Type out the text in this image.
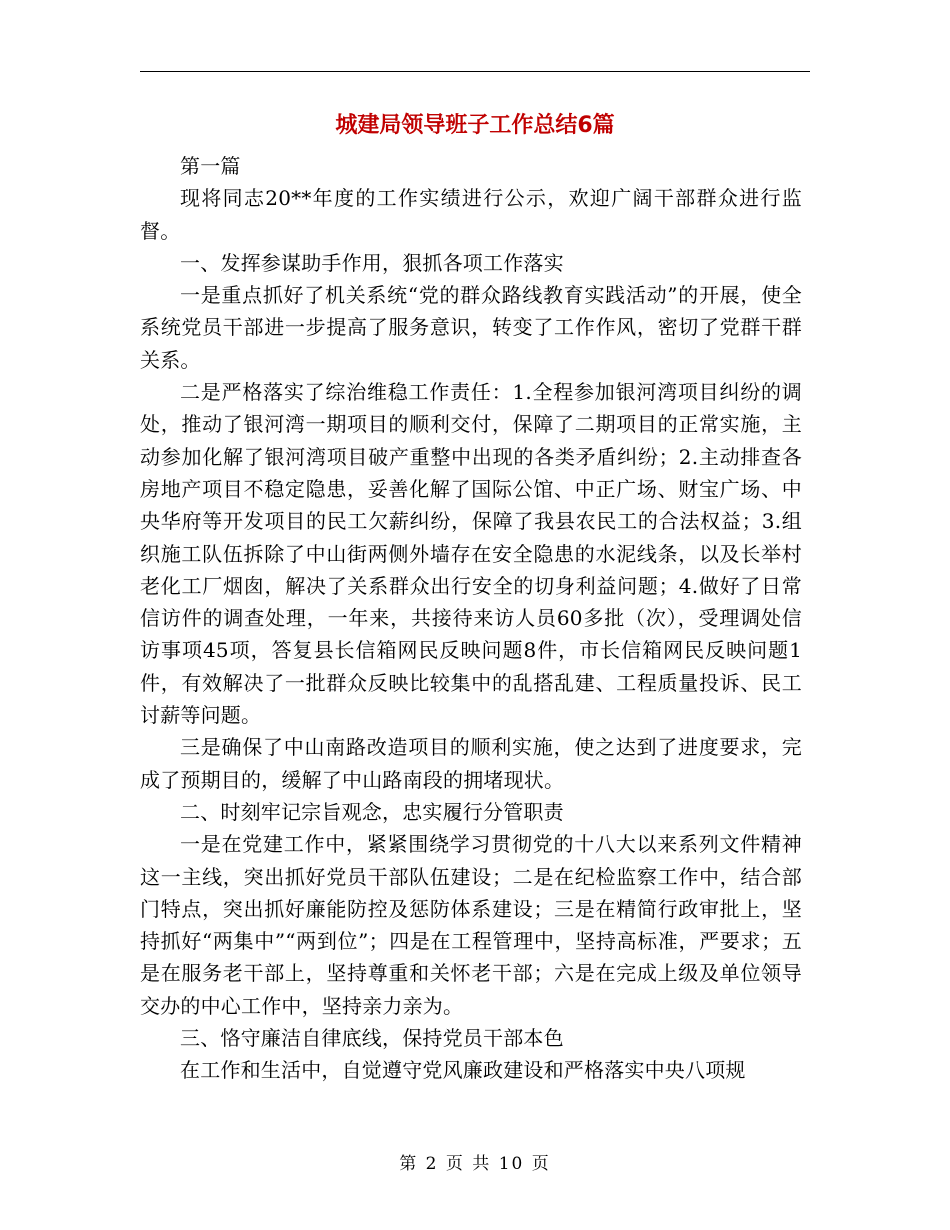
城建局领导班子工作总结6篇

第一篇

现将同志20**年度的工作实绩进行公示，欢迎广阔干部群众进行监督。

一、发挥参谋助手作用，狠抓各项工作落实

一是重点抓好了机关系统“党的群众路线教育实践活动”的开展，使全系统党员干部进一步提高了服务意识，转变了工作作风，密切了党群干群关系。

二是严格落实了综治维稳工作责任：1.全程参加银河湾项目纠纷的调处，推动了银河湾一期项目的顺利交付，保障了二期项目的正常实施，主动参加化解了银河湾项目破产重整中出现的各类矛盾纠纷；2.主动排查各房地产项目不稳定隐患，妥善化解了国际公馆、中正广场、财宝广场、中央华府等开发项目的民工欠薪纠纷，保障了我县农民工的合法权益；3.组织施工队伍拆除了中山街两侧外墙存在安全隐患的水泥线条，以及长举村老化工厂烟囱，解决了关系群众出行安全的切身利益问题；4.做好了日常信访件的调查处理，一年来，共接待来访人员60多批（次），受理调处信访事项45项，答复县长信箱网民反映问题8件，市长信箱网民反映问题1件，有效解决了一批群众反映比较集中的乱搭乱建、工程质量投诉、民工讨薪等问题。

三是确保了中山南路改造项目的顺利实施，使之达到了进度要求，完成了预期目的，缓解了中山路南段的拥堵现状。

二、时刻牢记宗旨观念，忠实履行分管职责

一是在党建工作中，紧紧围绕学习贯彻党的十八大以来系列文件精神这一主线，突出抓好党员干部队伍建设；二是在纪检监察工作中，结合部门特点，突出抓好廉能防控及惩防体系建设；三是在精简行政审批上，坚持抓好“两集中”“两到位”；四是在工程管理中，坚持高标准，严要求；五是在服务老干部上，坚持尊重和关怀老干部；六是在完成上级及单位领导交办的中心工作中，坚持亲力亲为。

三、恪守廉洁自律底线，保持党员干部本色

在工作和生活中，自觉遵守党风廉政建设和严格落实中央八项规

第 2 页 共 10 页
